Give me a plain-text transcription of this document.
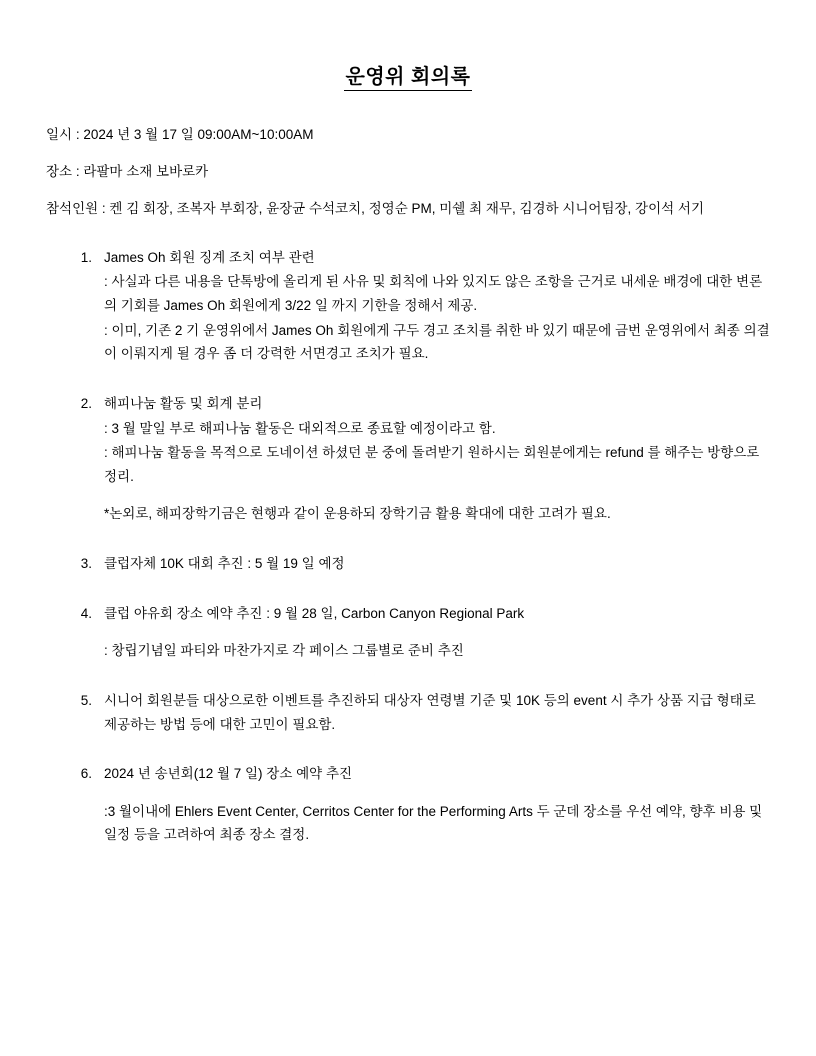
운영위 회의록
일시 : 2024 년 3 월 17 일 09:00AM~10:00AM
장소 : 라팔마 소재 보바로카
참석인원 : 켄 김 회장, 조복자 부회장, 윤장균 수석코치, 정영순 PM, 미쉘 최 재무, 김경하 시니어팀장, 강이석 서기
1. James Oh 회원 징계 조치 여부 관련
: 사실과 다른 내용을 단톡방에 올리게 된 사유 및 회칙에 나와 있지도 않은 조항을 근거로 내세운 배경에 대한 변론의 기회를 James Oh 회원에게 3/22 일 까지 기한을 정해서 제공.
: 이미, 기존 2 기 운영위에서 James Oh 회원에게 구두 경고 조치를 취한 바 있기 때문에 금번 운영위에서 최종 의결이 이뤄지게 될 경우 좀 더 강력한 서면경고 조치가 필요.
2. 해피나눔 활동 및 회계 분리
: 3 월 말일 부로 해피나눔 활동은 대외적으로 종료할 예정이라고 함.
: 해피나눔 활동을 목적으로 도네이션 하셨던 분 중에 돌려받기 원하시는 회원분에게는 refund 를 해주는 방향으로 정리.
*논외로, 해피장학기금은 현행과 같이 운용하되 장학기금 활용 확대에 대한 고려가 필요.
3. 클럽자체 10K 대회 추진 : 5 월 19 일 예정
4. 클럽 야유회 장소 예약 추진 : 9 월 28 일, Carbon Canyon Regional Park
: 창립기념일 파티와 마찬가지로 각 페이스 그룹별로 준비 추진
5. 시니어 회원분들 대상으로한 이벤트를 추진하되 대상자 연령별 기준 및 10K 등의 event 시 추가 상품 지급 형태로 제공하는 방법 등에 대한 고민이 필요함.
6. 2024 년 송년회(12 월 7 일) 장소 예약 추진
:3 월이내에 Ehlers Event Center, Cerritos Center for the Performing Arts 두 군데 장소를 우선 예약, 향후 비용 및 일정 등을 고려하여 최종 장소 결정.
